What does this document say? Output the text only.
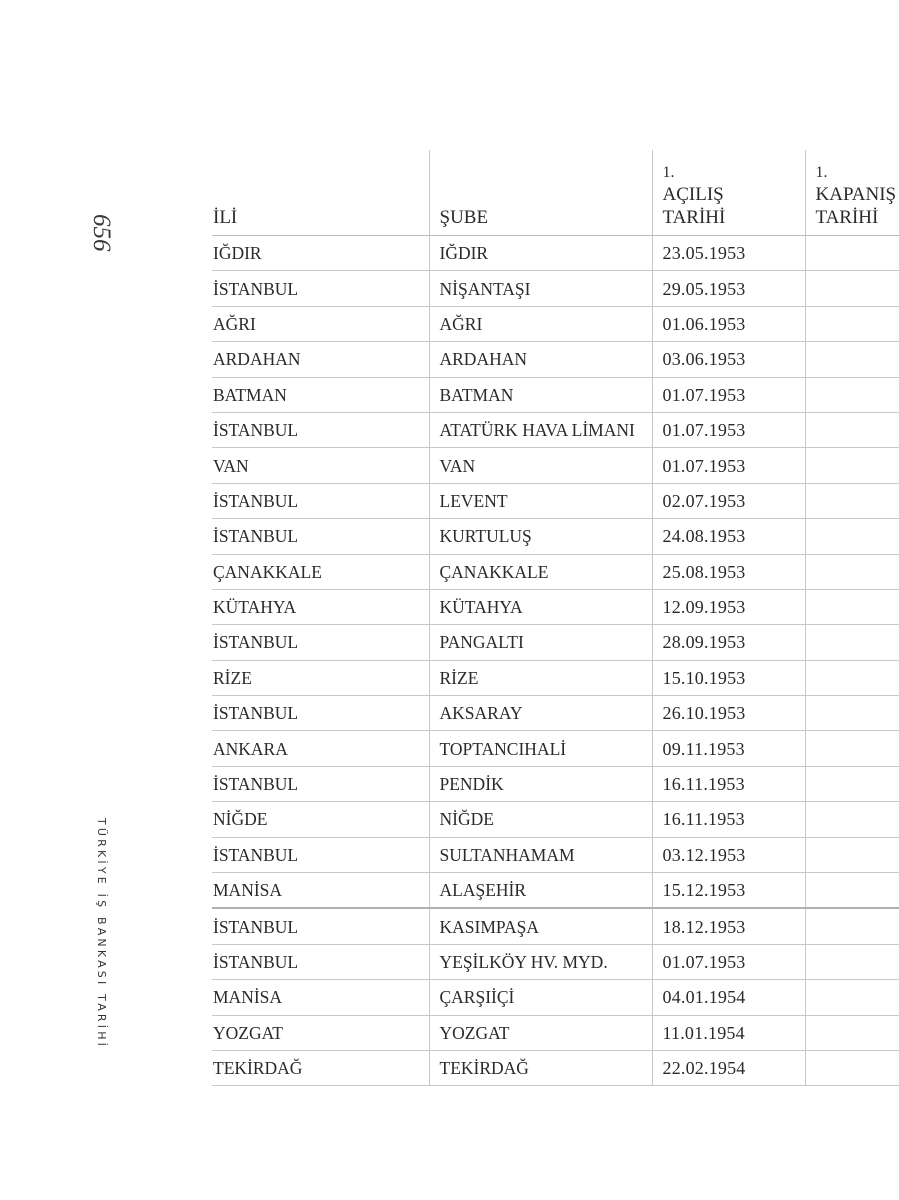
656
TÜRKİYE İŞ BANKASI TARİHİ
İLİ	ŞUBE	1.
AÇILIŞ
TARİHİ	1.
KAPANIŞ
TARİHİ
IĞDIR	IĞDIR	23.05.1953	
İSTANBUL	NİŞANTAŞI	29.05.1953	
AĞRI	AĞRI	01.06.1953	
ARDAHAN	ARDAHAN	03.06.1953	
BATMAN	BATMAN	01.07.1953	
İSTANBUL	ATATÜRK HAVA LİMANI	01.07.1953	
VAN	VAN	01.07.1953	
İSTANBUL	LEVENT	02.07.1953	
İSTANBUL	KURTULUŞ	24.08.1953	
ÇANAKKALE	ÇANAKKALE	25.08.1953	
KÜTAHYA	KÜTAHYA	12.09.1953	
İSTANBUL	PANGALTI	28.09.1953	
RİZE	RİZE	15.10.1953	
İSTANBUL	AKSARAY	26.10.1953	
ANKARA	TOPTANCIHALİ	09.11.1953	
İSTANBUL	PENDİK	16.11.1953	
NİĞDE	NİĞDE	16.11.1953	
İSTANBUL	SULTANHAMAM	03.12.1953	
MANİSA	ALAŞEHİR	15.12.1953	
İSTANBUL	KASIMPAŞA	18.12.1953	
İSTANBUL	YEŞİLKÖY HV. MYD.	01.07.1953	
MANİSA	ÇARŞIİÇİ	04.01.1954	
YOZGAT	YOZGAT	11.01.1954	
TEKİRDAĞ	TEKİRDAĞ	22.02.1954	
